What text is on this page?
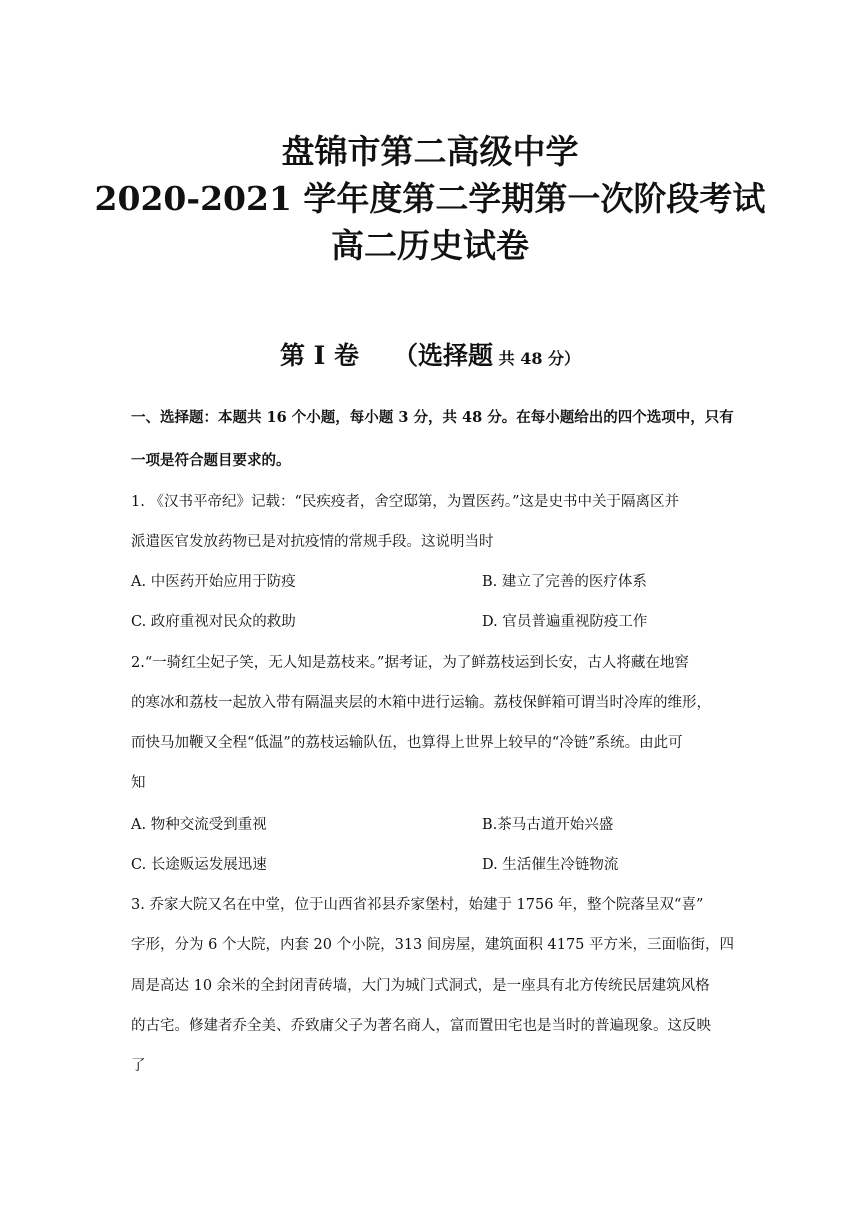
盘锦市第二高级中学
2020-2021 学年度第二学期第一次阶段考试
高二历史试卷
第 I 卷 （选择题 共 48 分）
一、选择题：本题共 16 个小题，每小题 3 分，共 48 分。在每小题给出的四个选项中，只有
一项是符合题目要求的。
1. 《汉书平帝纪》记载：“民疾疫者，舍空邸第，为置医药。”这是史书中关于隔离区并
派遣医官发放药物已是对抗疫情的常规手段。这说明当时
A. 中医药开始应用于防疫	B. 建立了完善的医疗体系
C. 政府重视对民众的救助	D. 官员普遍重视防疫工作
2.“一骑红尘妃子笑，无人知是荔枝来。”据考证，为了鲜荔枝运到长安，古人将藏在地窖
的寒冰和荔枝一起放入带有隔温夹层的木箱中进行运输。荔枝保鲜箱可谓当时冷库的维形，
而快马加鞭又全程“低温”的荔枝运输队伍，也算得上世界上较早的“冷链”系统。由此可
知
A. 物种交流受到重视	B.茶马古道开始兴盛
C. 长途贩运发展迅速	D. 生活催生冷链物流
3. 乔家大院又名在中堂，位于山西省祁县乔家堡村，始建于 1756 年，整个院落呈双“喜”
字形，分为 6 个大院，内套 20 个小院，313 间房屋，建筑面积 4175 平方米，三面临街，四
周是高达 10 余米的全封闭青砖墙，大门为城门式洞式，是一座具有北方传统民居建筑风格
的古宅。修建者乔全美、乔致庸父子为著名商人，富而置田宅也是当时的普遍现象。这反映
了
